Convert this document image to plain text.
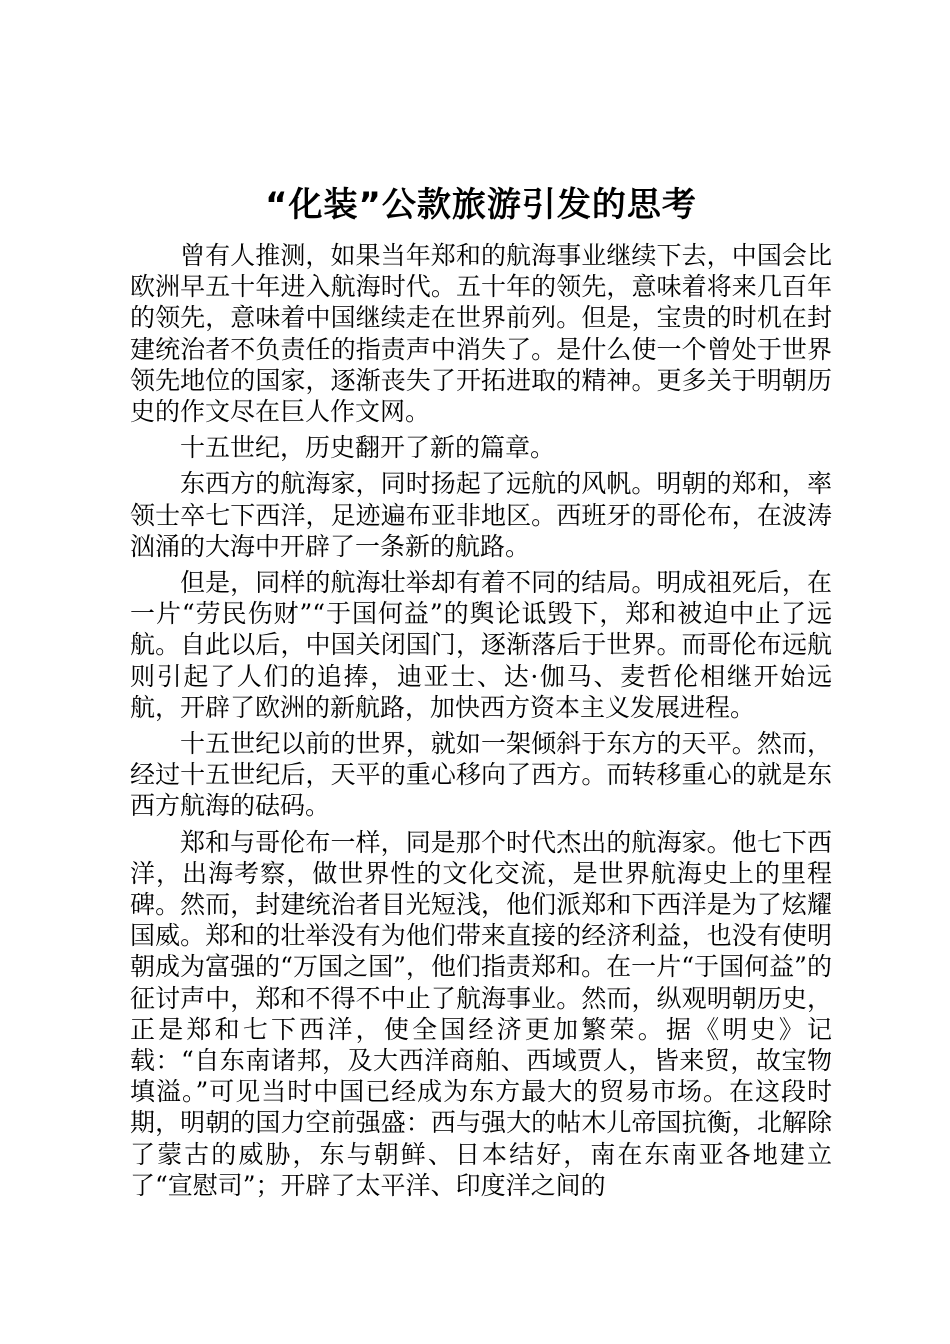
“化装”公款旅游引发的思考

曾有人推测，如果当年郑和的航海事业继续下去，中国会比欧洲早五十年进入航海时代。五十年的领先，意味着将来几百年的领先，意味着中国继续走在世界前列。但是，宝贵的时机在封建统治者不负责任的指责声中消失了。是什么使一个曾处于世界领先地位的国家，逐渐丧失了开拓进取的精神。更多关于明朝历史的作文尽在巨人作文网。

十五世纪，历史翻开了新的篇章。

东西方的航海家，同时扬起了远航的风帆。明朝的郑和，率领士卒七下西洋，足迹遍布亚非地区。西班牙的哥伦布，在波涛汹涌的大海中开辟了一条新的航路。

但是，同样的航海壮举却有着不同的结局。明成祖死后，在一片“劳民伤财”“于国何益”的舆论诋毁下，郑和被迫中止了远航。自此以后，中国关闭国门，逐渐落后于世界。而哥伦布远航则引起了人们的追捧，迪亚士、达·伽马、麦哲伦相继开始远航，开辟了欧洲的新航路，加快西方资本主义发展进程。

十五世纪以前的世界，就如一架倾斜于东方的天平。然而，经过十五世纪后，天平的重心移向了西方。而转移重心的就是东西方航海的砝码。

郑和与哥伦布一样，同是那个时代杰出的航海家。他七下西洋，出海考察，做世界性的文化交流，是世界航海史上的里程碑。然而，封建统治者目光短浅，他们派郑和下西洋是为了炫耀国威。郑和的壮举没有为他们带来直接的经济利益，也没有使明朝成为富强的“万国之国”，他们指责郑和。在一片“于国何益”的征讨声中，郑和不得不中止了航海事业。然而，纵观明朝历史，正是郑和七下西洋，使全国经济更加繁荣。据《明史》记载：“自东南诸邦，及大西洋商舶、西域贾人，皆来贸，故宝物填溢。”可见当时中国已经成为东方最大的贸易市场。在这段时期，明朝的国力空前强盛：西与强大的帖木儿帝国抗衡，北解除了蒙古的威胁，东与朝鲜、日本结好，南在东南亚各地建立了“宣慰司”；开辟了太平洋、印度洋之间的
